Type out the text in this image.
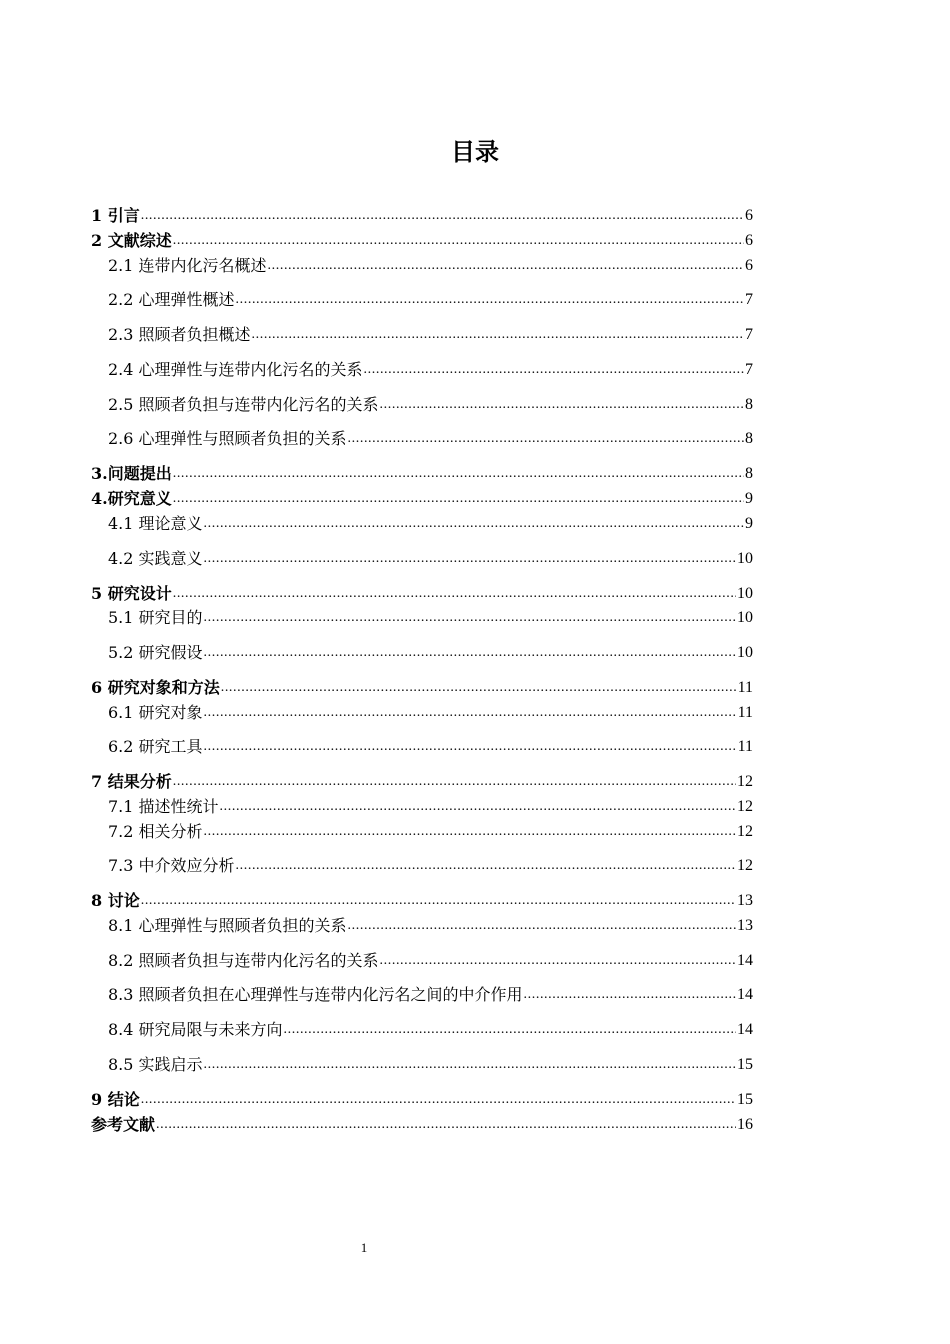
目录
1 引言 .....	6
2 文献综述 .....	6
2.1 连带内化污名概述 .....	6
2.2 心理弹性概述 .....	7
2.3 照顾者负担概述 .....	7
2.4 心理弹性与连带内化污名的关系 .....	7
2.5 照顾者负担与连带内化污名的关系 .....	8
2.6 心理弹性与照顾者负担的关系 .....	8
3.问题提出 .....	8
4.研究意义 .....	9
4.1 理论意义 .....	9
4.2 实践意义 .....	10
5 研究设计 .....	10
5.1 研究目的 .....	10
5.2 研究假设 .....	10
6 研究对象和方法 .....	11
6.1 研究对象 .....	11
6.2 研究工具 .....	11
7 结果分析 .....	12
7.1 描述性统计 .....	12
7.2 相关分析 .....	12
7.3 中介效应分析 .....	12
8 讨论 .....	13
8.1 心理弹性与照顾者负担的关系 .....	13
8.2 照顾者负担与连带内化污名的关系 .....	14
8.3 照顾者负担在心理弹性与连带内化污名之间的中介作用 .....	14
8.4 研究局限与未来方向 .....	14
8.5 实践启示 .....	15
9 结论 .....	15
参考文献 .....	16
1
